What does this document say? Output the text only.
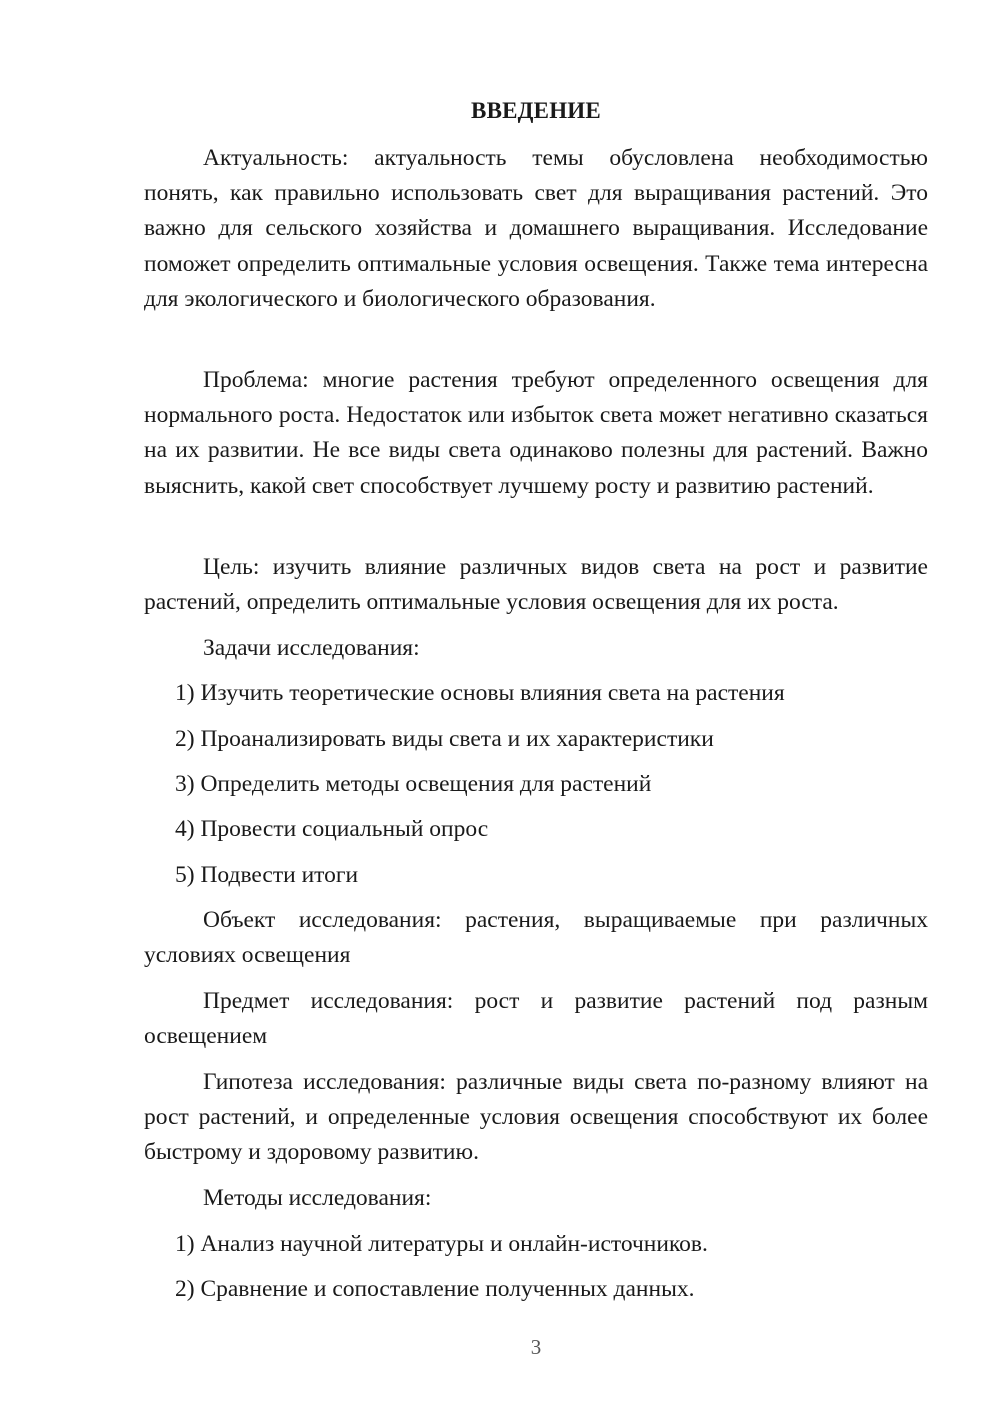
ВВЕДЕНИЕ

Актуальность: актуальность темы обусловлена необходимостью понять, как правильно использовать свет для выращивания растений. Это важно для сельского хозяйства и домашнего выращивания. Исследование поможет определить оптимальные условия освещения. Также тема интересна для экологического и биологического образования.

Проблема: многие растения требуют определенного освещения для нормального роста. Недостаток или избыток света может негативно сказаться на их развитии. Не все виды света одинаково полезны для растений. Важно выяснить, какой свет способствует лучшему росту и развитию растений.

Цель: изучить влияние различных видов света на рост и развитие растений, определить оптимальные условия освещения для их роста.

Задачи исследования:

1) Изучить теоретические основы влияния света на растения

2) Проанализировать виды света и их характеристики

3) Определить методы освещения для растений

4) Провести социальный опрос

5) Подвести итоги

Объект исследования: растения, выращиваемые при различных условиях освещения

Предмет исследования: рост и развитие растений под разным освещением

Гипотеза исследования: различные виды света по-разному влияют на рост растений, и определенные условия освещения способствуют их более быстрому и здоровому развитию.

Методы исследования:

1) Анализ научной литературы и онлайн-источников.

2) Сравнение и сопоставление полученных данных.

3
